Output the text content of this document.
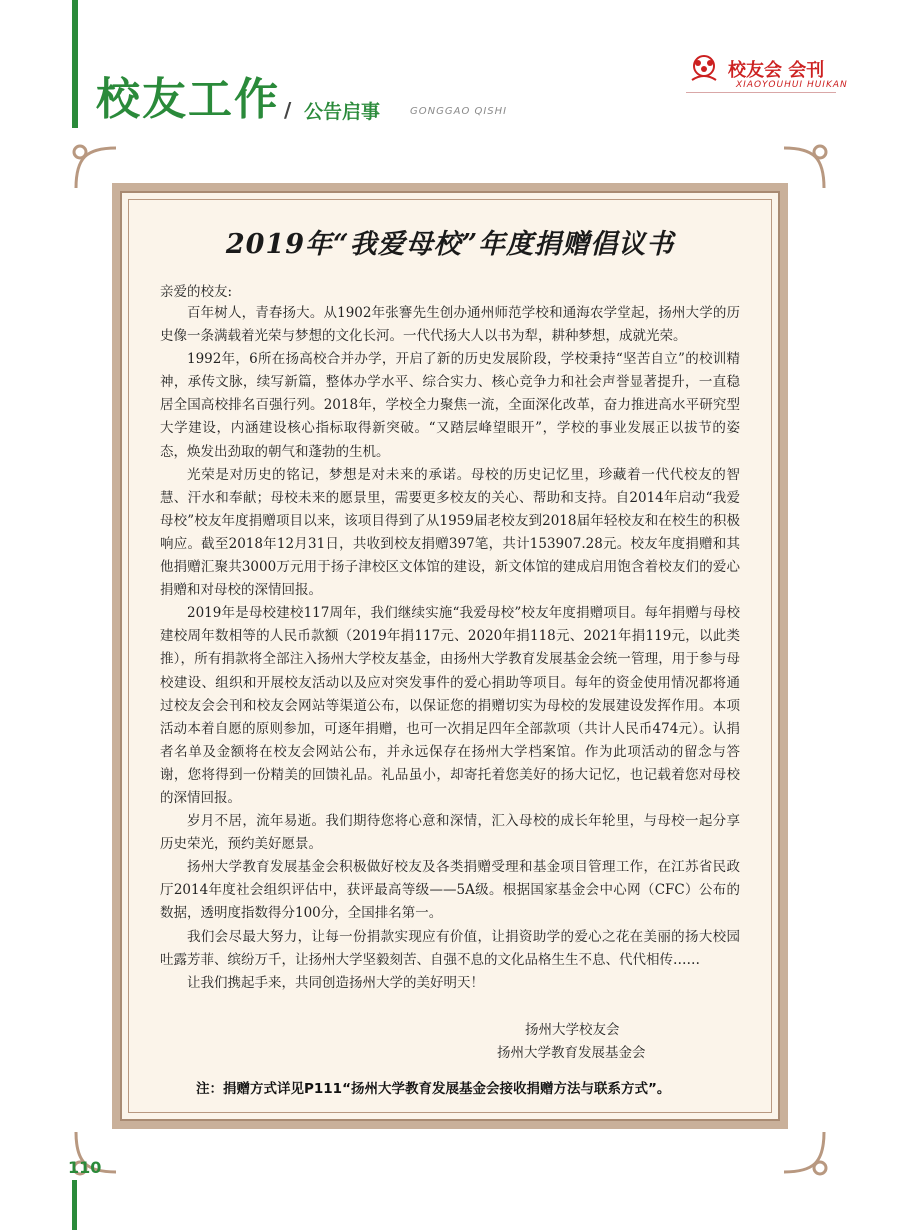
校友工作 / 公告启事	GONGGAO QISHI
校友会 会刊
XIAOYOUHUI HUIKAN
2019年“我爱母校”年度捐赠倡议书
亲爱的校友:

百年树人，青春扬大。从1902年张謇先生创办通州师范学校和通海农学堂起，扬州大学的历史像一条满载着光荣与梦想的文化长河。一代代扬大人以书为犁，耕种梦想，成就光荣。

1992年，6所在扬高校合并办学，开启了新的历史发展阶段，学校秉持“坚苦自立”的校训精神，承传文脉，续写新篇，整体办学水平、综合实力、核心竞争力和社会声誉显著提升，一直稳居全国高校排名百强行列。2018年，学校全力聚焦一流，全面深化改革，奋力推进高水平研究型大学建设，内涵建设核心指标取得新突破。“又踏层峰望眼开”，学校的事业发展正以拔节的姿态，焕发出劲取的朝气和蓬勃的生机。

光荣是对历史的铭记，梦想是对未来的承诺。母校的历史记忆里，珍藏着一代代校友的智慧、汗水和奉献；母校未来的愿景里，需要更多校友的关心、帮助和支持。自2014年启动“我爱母校”校友年度捐赠项目以来，该项目得到了从1959届老校友到2018届年轻校友和在校生的积极响应。截至2018年12月31日，共收到校友捐赠397笔，共计153907.28元。校友年度捐赠和其他捐赠汇聚共3000万元用于扬子津校区文体馆的建设，新文体馆的建成启用饱含着校友们的爱心捐赠和对母校的深情回报。

2019年是母校建校117周年，我们继续实施“我爱母校”校友年度捐赠项目。每年捐赠与母校建校周年数相等的人民币款额（2019年捐117元、2020年捐118元、2021年捐119元，以此类推），所有捐款将全部注入扬州大学校友基金，由扬州大学教育发展基金会统一管理，用于参与母校建设、组织和开展校友活动以及应对突发事件的爱心捐助等项目。每年的资金使用情况都将通过校友会会刊和校友会网站等渠道公布，以保证您的捐赠切实为母校的发展建设发挥作用。本项活动本着自愿的原则参加，可逐年捐赠，也可一次捐足四年全部款项（共计人民币474元）。认捐者名单及金额将在校友会网站公布，并永远保存在扬州大学档案馆。作为此项活动的留念与答谢，您将得到一份精美的回馈礼品。礼品虽小，却寄托着您美好的扬大记忆，也记载着您对母校的深情回报。

岁月不居，流年易逝。我们期待您将心意和深情，汇入母校的成长年轮里，与母校一起分享历史荣光，预约美好愿景。

扬州大学教育发展基金会积极做好校友及各类捐赠受理和基金项目管理工作，在江苏省民政厅2014年度社会组织评估中，获评最高等级——5A级。根据国家基金会中心网（CFC）公布的数据，透明度指数得分100分，全国排名第一。

我们会尽最大努力，让每一份捐款实现应有价值，让捐资助学的爱心之花在美丽的扬大校园吐露芳菲、缤纷万千，让扬州大学坚毅刻苦、自强不息的文化品格生生不息、代代相传……

让我们携起手来，共同创造扬州大学的美好明天！

扬州大学校友会
扬州大学教育发展基金会
注：捐赠方式详见P111“扬州大学教育发展基金会接收捐赠方法与联系方式”。
110
